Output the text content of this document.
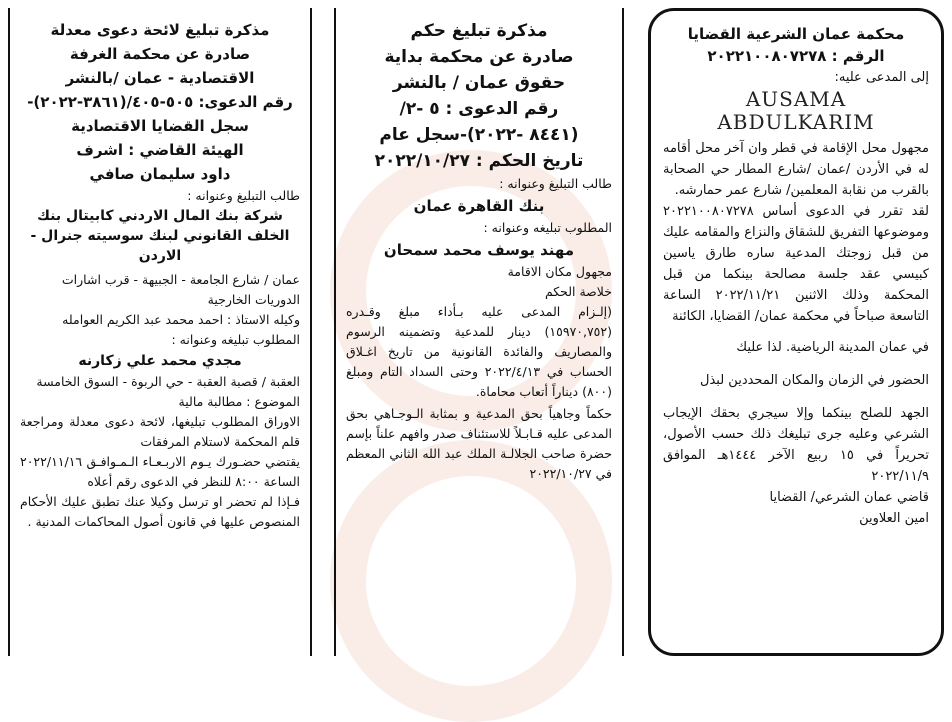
محكمة عمان الشرعية القضايا

الرقم : ٢٠٢٢١٠٠٨٠٧٢٧٨

إلى المدعى عليه:
AUSAMA
ABDULKARIM
مجهول محل الإقامة في قطر وان آخر محل أقامه له في الأردن /عمان /شارع المطار حي الصحابة بالقرب من نقابة المعلمين/ شارع عمر حمارشه.
لقد تقرر في الدعوى أساس ٢٠٢٢١٠٠٨٠٧٢٧٨ وموضوعها التفريق للشقاق والنزاع والمقامه عليك من قبل زوجتك المدعية ساره طارق ياسين كبيسي عقد جلسة مصالحة بينكما من قبل المحكمة وذلك الاثنين ٢٠٢٢/١١/٢١ الساعة التاسعة صباحاً في محكمة عمان/ القضايا، الكائنة
في عمان المدينة الرياضية. لذا عليك
الحضور في الزمان والمكان المحددين لبذل
الجهد للصلح بينكما وإلا سيجري بحقك الإيجاب الشرعي وعليه جرى تبليغك ذلك حسب الأصول، تحريراً في ١٥ ربيع الآخر ١٤٤٤هـ الموافق ٢٠٢٢/١١/٩
قاضي عمان الشرعي/ القضايا
امين العلاوين

مذكرة تبليغ حكم

صادرة عن محكمة بداية

حقوق عمان / بالنشر

رقم الدعوى : ٥ -٢/

(٨٤٤١ -٢٠٢٢)-سجل عام

تاريخ الحكم : ٢٠٢٢/١٠/٢٧

طالب التبليغ وعنوانه :
بنك القاهرة عمان
المطلوب تبليغه وعنوانه :
مهند يوسف محمد سمحان
مجهول مكان الاقامة
خلاصة الحكم
(إلـزام المدعى عليه بـأداء مبلغ وقـدره (١٥٩٧٠,٧٥٢) دينار للمدعية وتضمينه الرسوم والمصاريف والفائدة القانونية من تاريخ اغـلاق الحساب في ٢٠٢٢/٤/١٣ وحتى السداد التام ومبلغ (٨٠٠) ديناراً أتعاب محاماة.
حكماً وجاهياً بحق المدعية و بمثابة الـوجـاهي بحق المدعى عليه قـابـلاً للاستئناف صدر وافهم علناً بإسم حضرة صاحب الجلالـة الملك عبد الله الثاني المعظم في ٢٠٢٢/١٠/٢٧

مذكرة تبليغ لائحة دعوى معدلة

صادرة عن محكمة الغرفة

الاقتصادية - عمان /بالنشر

رقم الدعوى: ٥٠٥-٤٠٥/(٣٨٦١-٢٠٢٢)-

سجل القضايا الاقتصادية

الهيئة القاضي : اشرف

داود سليمان صافي

طالب التبليغ وعنوانه :
شركة بنك المال الاردني كابيتال بنك الخلف القانوني لبنك سوسيته جنرال - الاردن
عمان / شارع الجامعة - الجبيهة - قرب اشارات الدوريات الخارجية
وكيله الاستاذ : احمد محمد عبد الكريم العوامله
المطلوب تبليغه وعنوانه :
مجدي محمد علي زكارنه
العقبة / قصبة العقبة - حي الربوة - السوق الخامسة
الموضوع : مطالبة مالية
الاوراق المطلوب تبليغها، لائحة دعوى معدلة ومراجعة قلم المحكمة لاستلام المرفقات
يقتضي حضـورك يـوم الاربـعـاء الـمـوافـق ٢٠٢٢/١١/١٦ الساعة ٨:٠٠ للنظر في الدعوى رقم أعلاه
فـإذا لم تحضر او ترسل وكيلا عنك تطبق عليك الأحكام المنصوص عليها في قانون أصول المحاكمات المدنية .
